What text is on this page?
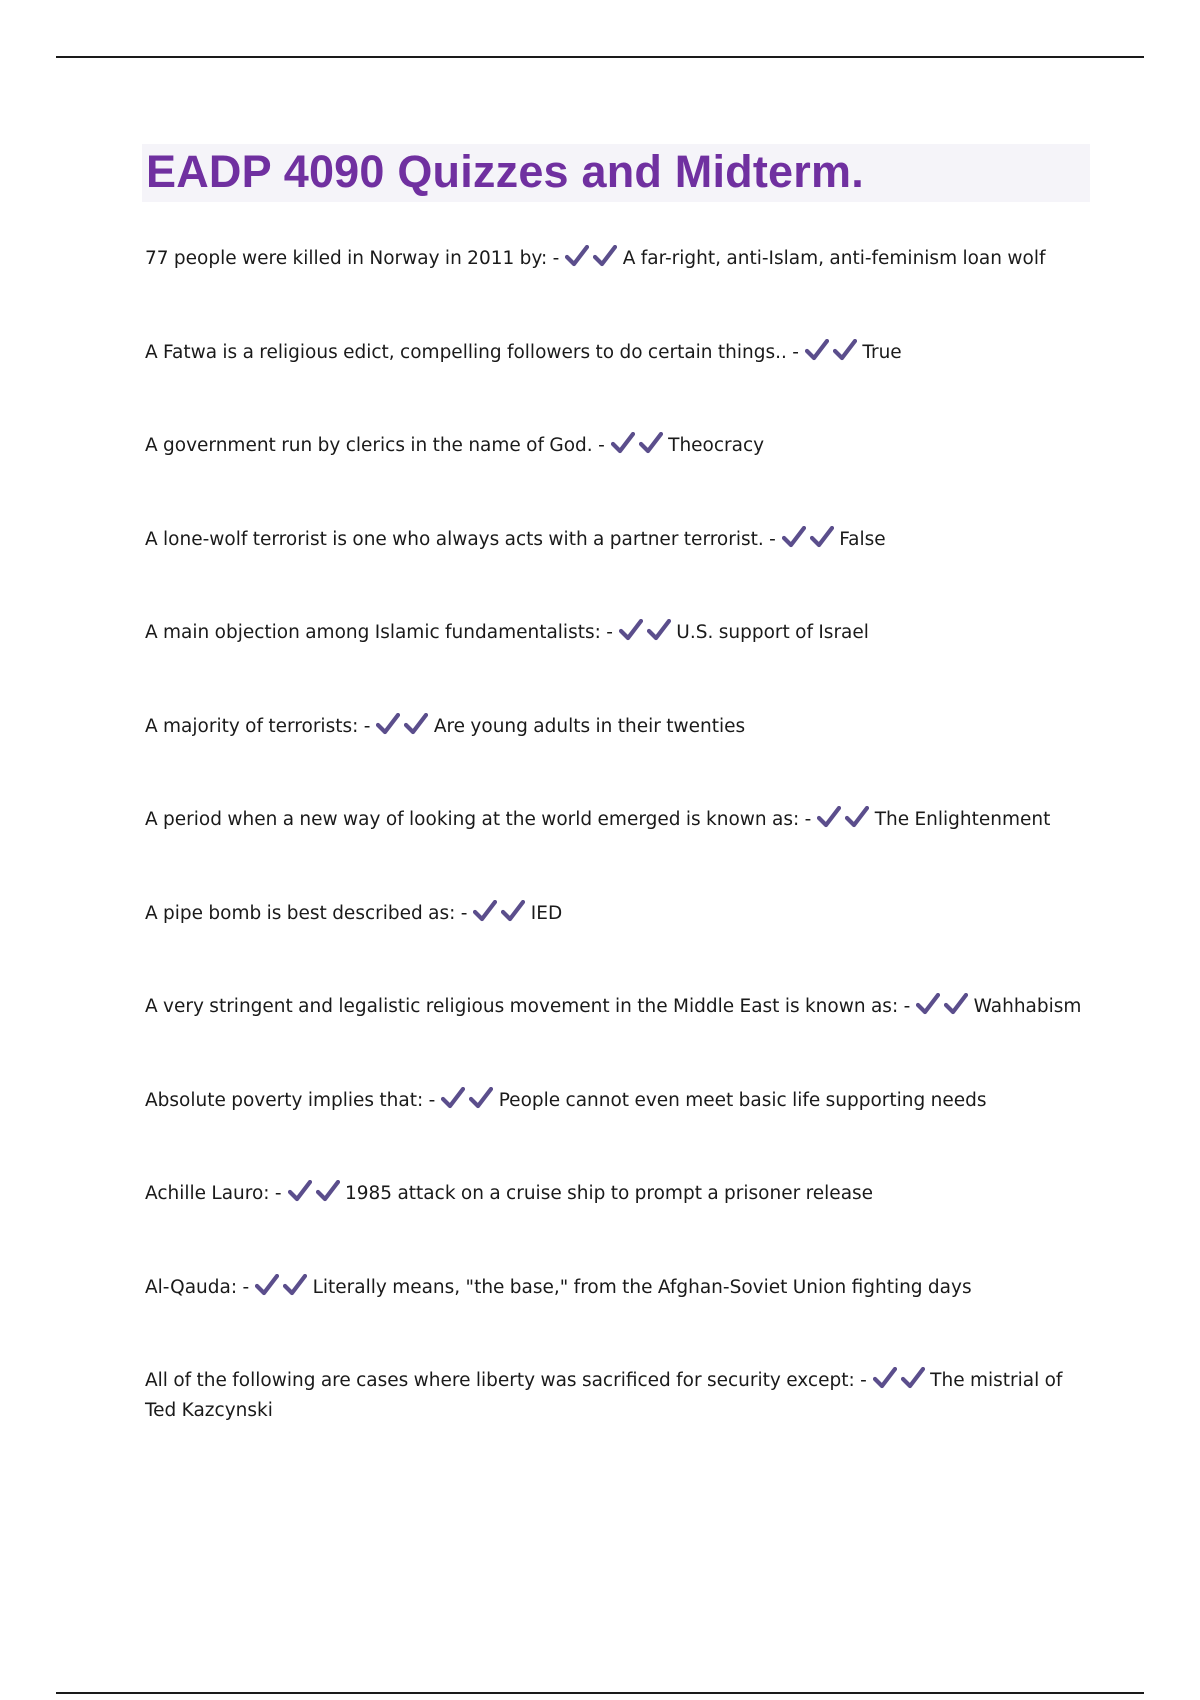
EADP 4090 Quizzes and Midterm.
77 people were killed in Norway in 2011 by: -	A far-right, anti-Islam, anti-feminism loan wolf
A Fatwa is a religious edict, compelling followers to do certain things.. -	True
A government run by clerics in the name of God. -	Theocracy
A lone-wolf terrorist is one who always acts with a partner terrorist. -	False
A main objection among Islamic fundamentalists: -	U.S. support of Israel
A majority of terrorists: -	Are young adults in their twenties
A period when a new way of looking at the world emerged is known as: -	The Enlightenment
A pipe bomb is best described as: -	IED
A very stringent and legalistic religious movement in the Middle East is known as: -	Wahhabism
Absolute poverty implies that: -	People cannot even meet basic life supporting needs
Achille Lauro: -	1985 attack on a cruise ship to prompt a prisoner release
Al-Qauda: -	Literally means, "the base," from the Afghan-Soviet Union fighting days
All of the following are cases where liberty was sacrificed for security except: -	The mistrial of Ted Kazcynski
